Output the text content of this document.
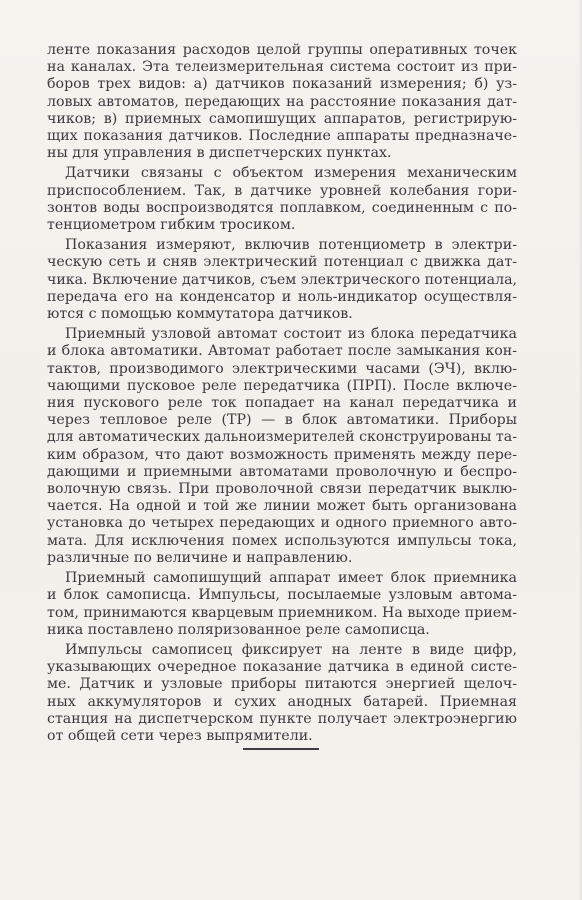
ленте показания расходов целой группы оперативных точек
на каналах. Эта телеизмерительная система состоит из при-
боров трех видов: а) датчиков показаний измерения; б) уз-
ловых автоматов, передающих на расстояние показания дат-
чиков; в) приемных самопишущих аппаратов, регистрирую-
щих показания датчиков. Последние аппараты предназначе-
ны для управления в диспетчерских пунктах.
Датчики связаны с объектом измерения механическим
приспособлением. Так, в датчике уровней колебания гори-
зонтов воды воспроизводятся поплавком, соединенным с по-
тенциометром гибким тросиком.
Показания измеряют, включив потенциометр в электри-
ческую сеть и сняв электрический потенциал с движка дат-
чика. Включение датчиков, съем электрического потенциала,
передача его на конденсатор и ноль-индикатор осуществля-
ются с помощью коммутатора датчиков.
Приемный узловой автомат состоит из блока передатчика
и блока автоматики. Автомат работает после замыкания кон-
тактов, производимого электрическими часами (ЭЧ), вклю-
чающими пусковое реле передатчика (ПРП). После включе-
ния пускового реле ток попадает на канал передатчика и
через тепловое реле (ТР) — в блок автоматики. Приборы
для автоматических дальноизмерителей сконструированы та-
ким образом, что дают возможность применять между пере-
дающими и приемными автоматами проволочную и беспро-
волочную связь. При проволочной связи передатчик выклю-
чается. На одной и той же линии может быть организована
установка до четырех передающих и одного приемного авто-
мата. Для исключения помех используются импульсы тока,
различные по величине и направлению.
Приемный самопишущий аппарат имеет блок приемника
и блок самописца. Импульсы, посылаемые узловым автома-
том, принимаются кварцевым приемником. На выходе прием-
ника поставлено поляризованное реле самописца.
Импульсы самописец фиксирует на ленте в виде цифр,
указывающих очередное показание датчика в единой систе-
ме. Датчик и узловые приборы питаются энергией щелоч-
ных аккумуляторов и сухих анодных батарей. Приемная
станция на диспетчерском пункте получает электроэнергию
от общей сети через выпрямители.
